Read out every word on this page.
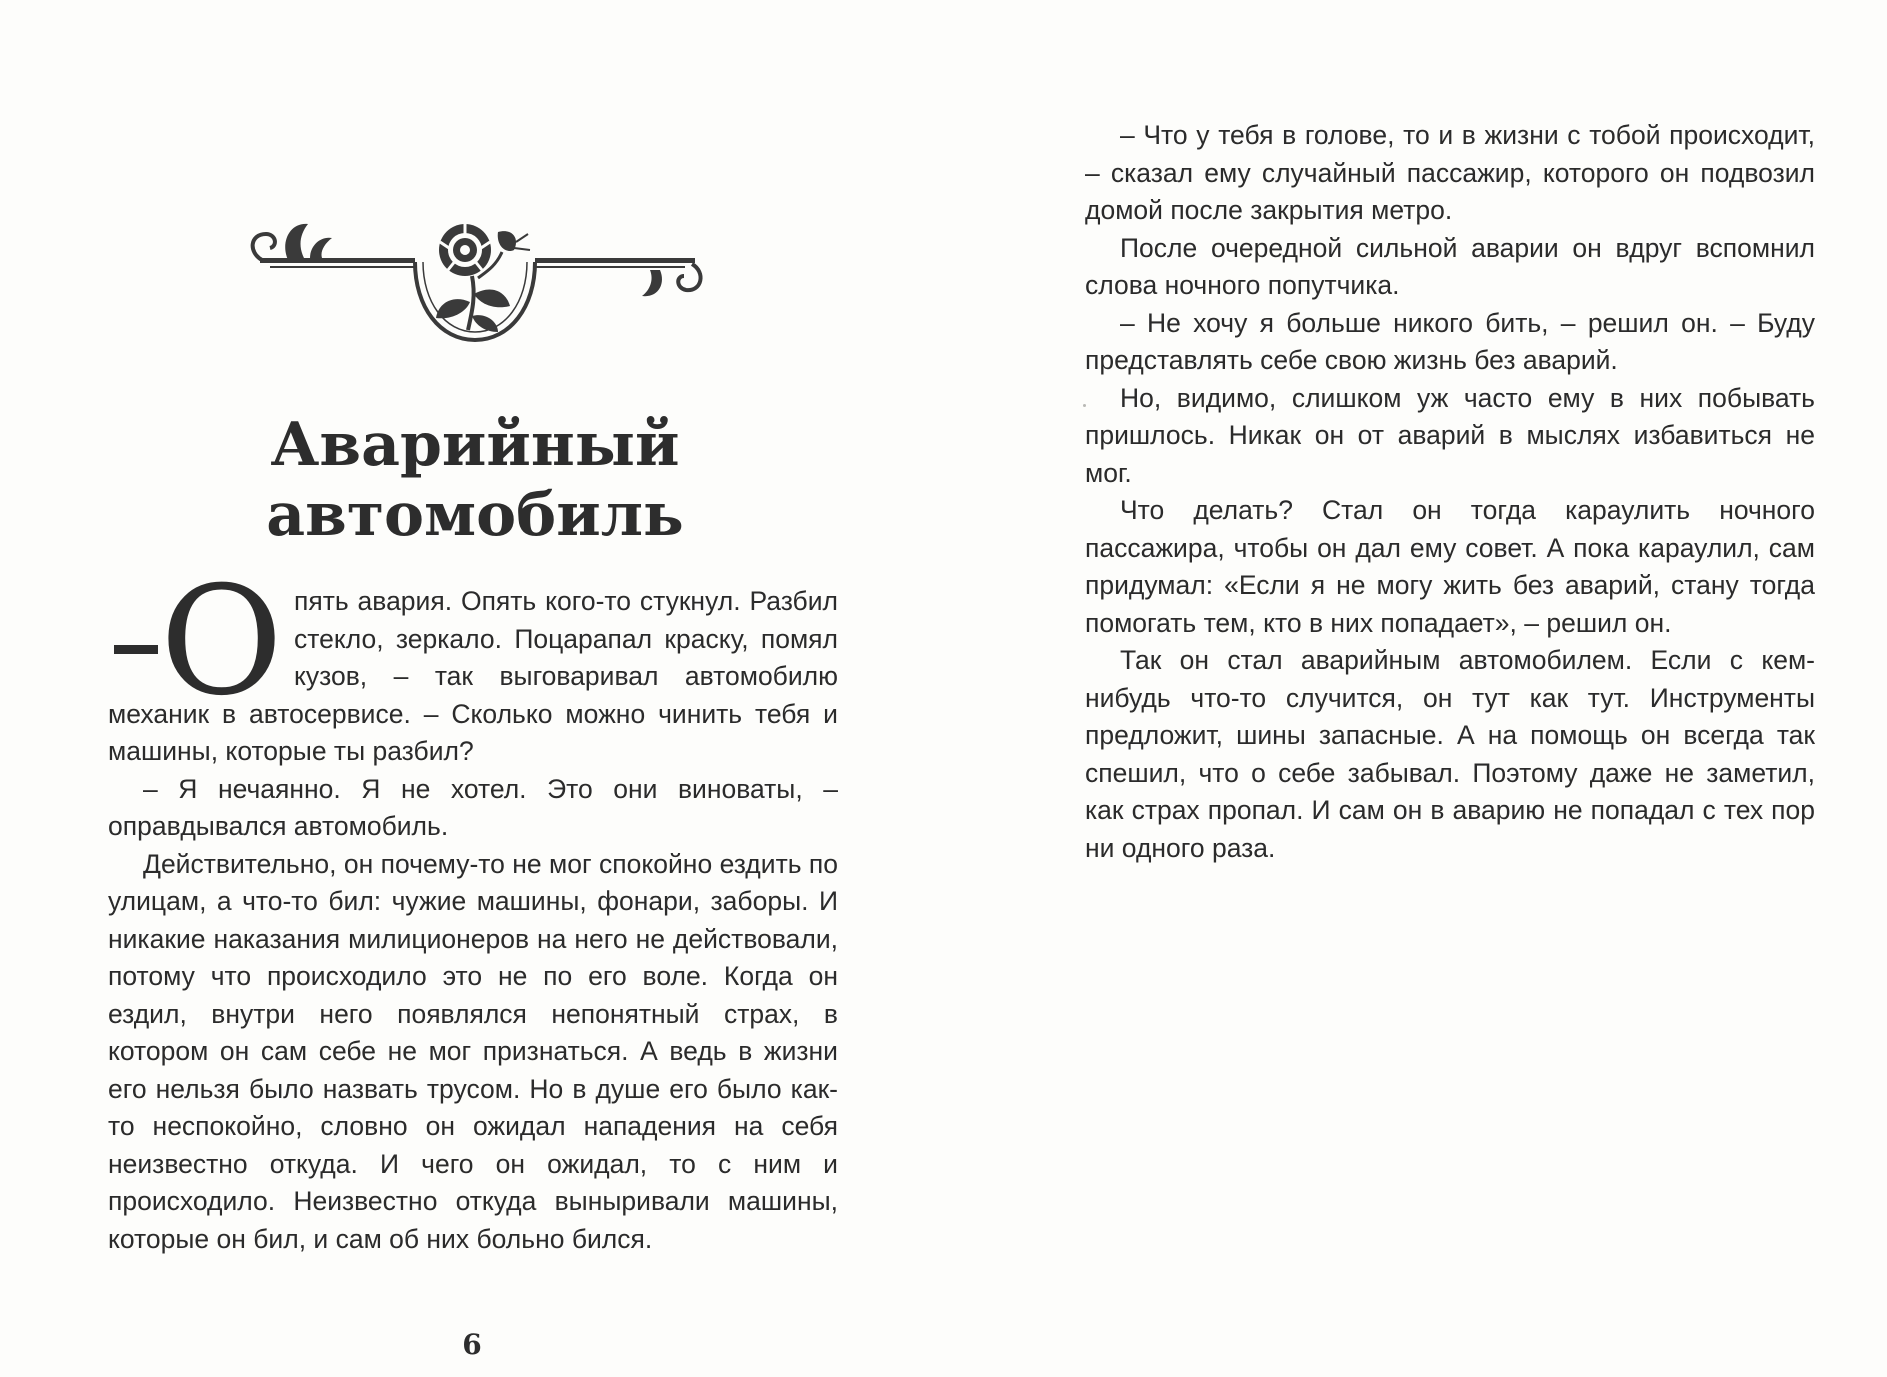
Аварийный
автомобиль
О пять авария. Опять кого-то стукнул. Разбил стекло, зеркало. Поцарапал краску, помял кузов, – так выговаривал автомобилю механик в автосервисе. – Сколько можно чинить тебя и машины, которые ты разбил?

– Я нечаянно. Я не хотел. Это они виноваты, – оправдывался автомобиль.

Действительно, он почему-то не мог спокойно ездить по улицам, а что-то бил: чужие машины, фонари, заборы. И никакие наказания милиционеров на него не действовали, потому что происходило это не по его воле. Когда он ездил, внутри него появлялся непонятный страх, в котором он сам себе не мог признаться. А ведь в жизни его нельзя было назвать трусом. Но в душе его было как-то неспокойно, словно он ожидал нападения на себя неизвестно откуда. И чего он ожидал, то с ним и происходило. Неизвестно откуда выныривали машины, которые он бил, и сам об них больно бился.

6

– Что у тебя в голове, то и в жизни с тобой происходит, – сказал ему случайный пассажир, которого он подвозил домой после закрытия метро.

После очередной сильной аварии он вдруг вспомнил слова ночного попутчика.

– Не хочу я больше никого бить, – решил он. – Буду представлять себе свою жизнь без аварий.

Но, видимо, слишком уж часто ему в них побывать пришлось. Никак он от аварий в мыслях избавиться не мог.

Что делать? Стал он тогда караулить ночного пассажира, чтобы он дал ему совет. А пока караулил, сам придумал: «Если я не могу жить без аварий, стану тогда помогать тем, кто в них попадает», – решил он.

Так он стал аварийным автомобилем. Если с кем-нибудь что-то случится, он тут как тут. Инструменты предложит, шины запасные. А на помощь он всегда так спешил, что о себе забывал. Поэтому даже не заметил, как страх пропал. И сам он в аварию не попадал с тех пор ни одного раза.
